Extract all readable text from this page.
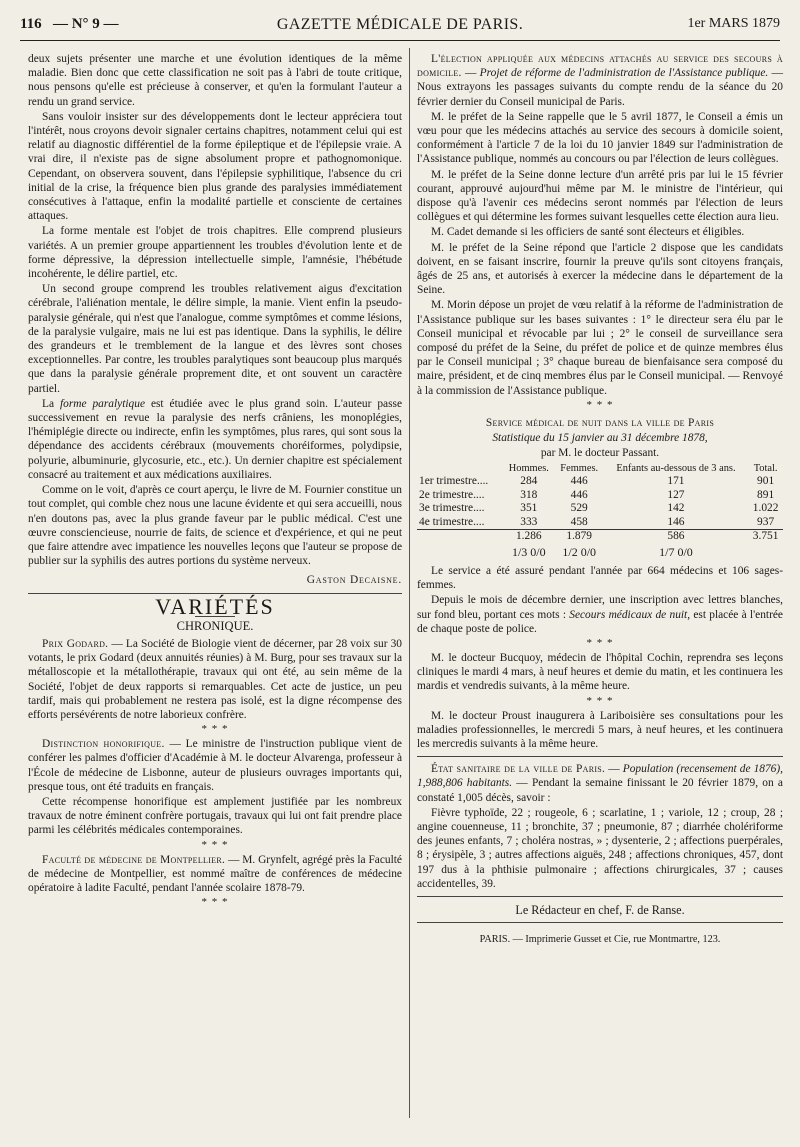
116 — N° 9 —	GAZETTE MÉDICALE DE PARIS.	1er MARS 1879

deux sujets présenter une marche et une évolution identiques de la même maladie. Bien donc que cette classification ne soit pas à l'abri de toute critique, nous pensons qu'elle est précieuse à conserver, et qu'en la formulant l'auteur a rendu un grand service.

Sans vouloir insister sur des développements dont le lecteur appréciera tout l'intérêt, nous croyons devoir signaler certains chapitres, notamment celui qui est relatif au diagnostic différentiel de la forme épileptique et de l'épilepsie vraie. A vrai dire, il n'existe pas de signe absolument propre et pathognomonique. Cependant, on observera souvent, dans l'épilepsie syphilitique, l'absence du cri initial de la crise, la fréquence bien plus grande des paralysies immédiatement consécutives à l'attaque, enfin la modalité partielle et consciente de certaines attaques.

La forme mentale est l'objet de trois chapitres. Elle comprend plusieurs variétés. A un premier groupe appartiennent les troubles d'évolution lente et de forme dépressive, la dépression intellectuelle simple, l'amnésie, l'hébétude incohérente, le délire partiel, etc.

Un second groupe comprend les troubles relativement aigus d'excitation cérébrale, l'aliénation mentale, le délire simple, la manie. Vient enfin la pseudo-paralysie générale, qui n'est que l'analogue, comme symptômes et comme lésions, de la paralysie vulgaire, mais ne lui est pas identique. Dans la syphilis, le délire des grandeurs et le tremblement de la langue et des lèvres sont choses exceptionnelles. Par contre, les troubles paralytiques sont beaucoup plus marqués que dans la paralysie générale proprement dite, et ont souvent un caractère partiel.

La forme paralytique est étudiée avec le plus grand soin. L'auteur passe successivement en revue la paralysie des nerfs crâniens, les monoplégies, l'hémiplégie directe ou indirecte, enfin les symptômes, plus rares, qui sont sous la dépendance des accidents cérébraux (mouvements choréiformes, polydipsie, polyurie, albuminurie, glycosurie, etc., etc.). Un dernier chapitre est spécialement consacré au traitement et aux médications auxiliaires.

Comme on le voit, d'après ce court aperçu, le livre de M. Fournier constitue un tout complet, qui comble chez nous une lacune évidente et qui sera accueilli, nous n'en doutons pas, avec la plus grande faveur par le public médical. C'est une œuvre consciencieuse, nourrie de faits, de science et d'expérience, et qui ne peut que faire attendre avec impatience les nouvelles leçons que l'auteur se propose de publier sur la syphilis des autres portions du système nerveux.

Gaston Decaisne.

VARIÉTÉS
CHRONIQUE.

Prix Godard. — La Société de Biologie vient de décerner, par 28 voix sur 30 votants, le prix Godard (deux annuités réunies) à M. Burg, pour ses travaux sur la métalloscopie et la métallothérapie, travaux qui ont été, au sein même de la Société, l'objet de deux rapports si remarquables. Cet acte de justice, un peu tardif, mais qui probablement ne restera pas isolé, est la digne récompense des efforts persévérents de notre laborieux confrère.

* * *

Distinction honorifique. — Le ministre de l'instruction publique vient de conférer les palmes d'officier d'Académie à M. le docteur Alvarenga, professeur à l'École de médecine de Lisbonne, auteur de plusieurs ouvrages importants qui, presque tous, ont été traduits en français.

Cette récompense honorifique est amplement justifiée par les nombreux travaux de notre éminent confrère portugais, travaux qui lui ont fait prendre place parmi les célébrités médicales contemporaines.

* * *

Faculté de médecine de Montpellier. — M. Grynfelt, agrégé près la Faculté de médecine de Montpellier, est nommé maître de conférences de médecine opératoire à ladite Faculté, pendant l'année scolaire 1878-79.

* * *

L'élection appliquée aux médecins attachés au service des secours à domicile. — Projet de réforme de l'administration de l'Assistance publique. — Nous extrayons les passages suivants du compte rendu de la séance du 20 février dernier du Conseil municipal de Paris.

M. le préfet de la Seine rappelle que le 5 avril 1877, le Conseil a émis un vœu pour que les médecins attachés au service des secours à domicile soient, conformément à l'article 7 de la loi du 10 janvier 1849 sur l'administration de l'Assistance publique, nommés au concours ou par l'élection de leurs collègues.

M. le préfet de la Seine donne lecture d'un arrêté pris par lui le 15 février courant, approuvé aujourd'hui même par M. le ministre de l'intérieur, qui dispose qu'à l'avenir ces médecins seront nommés par l'élection de leurs collègues et qui détermine les formes suivant lesquelles cette élection aura lieu.

M. Cadet demande si les officiers de santé sont électeurs et éligibles.

M. le préfet de la Seine répond que l'article 2 dispose que les candidats doivent, en se faisant inscrire, fournir la preuve qu'ils sont citoyens français, âgés de 25 ans, et autorisés à exercer la médecine dans le département de la Seine.

M. Morin dépose un projet de vœu relatif à la réforme de l'administration de l'Assistance publique sur les bases suivantes : 1° le directeur sera élu par le Conseil municipal et révocable par lui ; 2° le conseil de surveillance sera composé du préfet de la Seine, du préfet de police et de quinze membres élus par le Conseil municipal ; 3° chaque bureau de bienfaisance sera composé du maire, président, et de cinq membres élus par le Conseil municipal. — Renvoyé à la commission de l'Assistance publique.

* * *

Service médical de nuit dans la ville de Paris

Statistique du 15 janvier au 31 décembre 1878,

par M. le docteur Passant.

	Hommes.	Femmes.	Enfants au-dessous de 3 ans.	Total.
1er trimestre....	284	446	171	901
2e trimestre....	318	446	127	891
3e trimestre....	351	529	142	1.022
4e trimestre....	333	458	146	937
	1.286	1.879	586	3.751
	1/3 0/0	1/2 0/0	1/7 0/0	

Le service a été assuré pendant l'année par 664 médecins et 106 sages-femmes.

Depuis le mois de décembre dernier, une inscription avec lettres blanches, sur fond bleu, portant ces mots : Secours médicaux de nuit, est placée à l'entrée de chaque poste de police.

* * *

M. le docteur Bucquoy, médecin de l'hôpital Cochin, reprendra ses leçons cliniques le mardi 4 mars, à neuf heures et demie du matin, et les continuera les mardis et vendredis suivants, à la même heure.

* * *

M. le docteur Proust inaugurera à Lariboisière ses consultations pour les maladies professionnelles, le mercredi 5 mars, à neuf heures, et les continuera les mercredis suivants à la même heure.

État sanitaire de la ville de Paris. — Population (recensement de 1876), 1,988,806 habitants. — Pendant la semaine finissant le 20 février 1879, on a constaté 1,005 décès, savoir :

Fièvre typhoïde, 22 ; rougeole, 6 ; scarlatine, 1 ; variole, 12 ; croup, 28 ; angine couenneuse, 11 ; bronchite, 37 ; pneumonie, 87 ; diarrhée cholériforme des jeunes enfants, 7 ; choléra nostras, » ; dysenterie, 2 ; affections puerpérales, 8 ; érysipèle, 3 ; autres affections aiguës, 248 ; affections chroniques, 457, dont 197 dus à la phthisie pulmonaire ; affections chirurgicales, 37 ; causes accidentelles, 39.

Le Rédacteur en chef, F. de Ranse.
PARIS. — Imprimerie Gusset et Cie, rue Montmartre, 123.
